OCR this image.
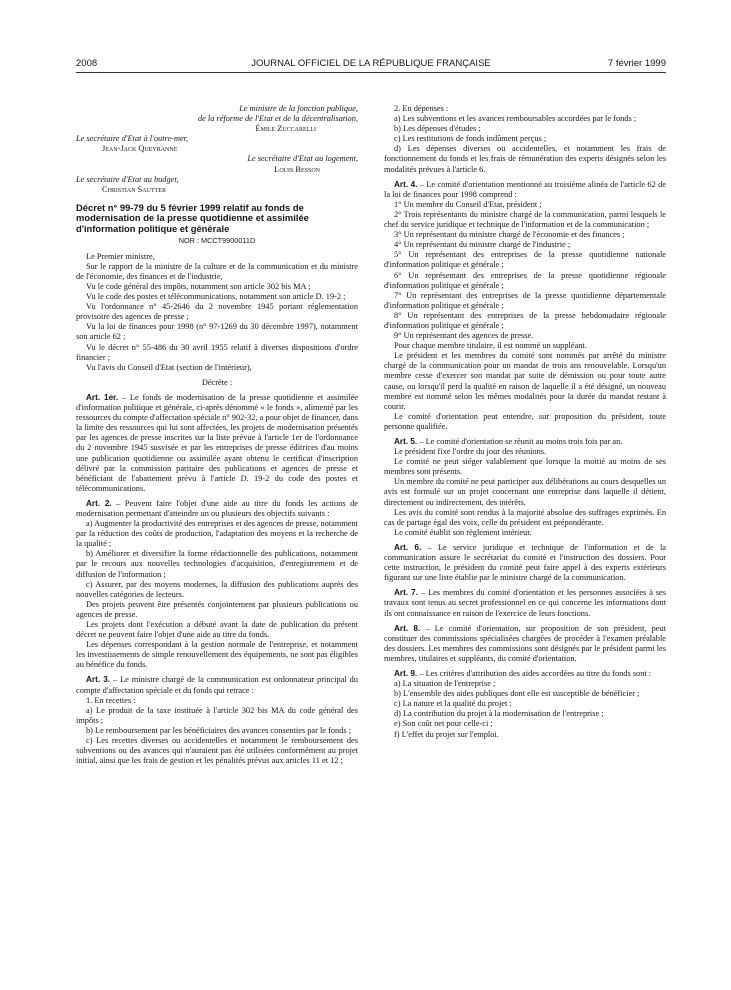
2008	JOURNAL OFFICIEL DE LA RÉPUBLIQUE FRANÇAISE	7 février 1999

Le ministre de la fonction publique,

de la réforme de l'Etat et de la décentralisation,

Émile Zuccarelli

Le secrétaire d'Etat à l'outre-mer,

Jean-Jack Queyranne

Le secrétaire d'Etat au logement,

Louis Besson

Le secrétaire d'Etat au budget,

Christian Sautter

Décret n° 99-79 du 5 février 1999 relatif au fonds de modernisation de la presse quotidienne et assimilée d'information politique et générale

NOR : MCCT9900011D

Le Premier ministre,

Sur le rapport de la ministre de la culture et de la communication et du ministre de l'économie, des finances et de l'industrie,

Vu le code général des impôts, notamment son article 302 bis MA ;

Vu le code des postes et télécommunications, notamment son article D. 19-2 ;

Vu l'ordonnance n° 45-2646 du 2 novembre 1945 portant réglementation provisoire des agences de presse ;

Vu la loi de finances pour 1998 (n° 97-1269 du 30 décembre 1997), notamment son article 62 ;

Vu le décret n° 55-486 du 30 avril 1955 relatif à diverses dispositions d'ordre financier ;

Vu l'avis du Conseil d'Etat (section de l'intérieur),

Décrète :

Art. 1er. – Le fonds de modernisation de la presse quotidienne et assimilée d'information politique et générale, ci-après dénommé « le fonds », alimenté par les ressources du compte d'affectation spéciale n° 902-32, a pour objet de financer, dans la limite des ressources qui lui sont affectées, les projets de modernisation présentés par les agences de presse inscrites sur la liste prévue à l'article 1er de l'ordonnance du 2 novembre 1945 susvisée et par les entreprises de presse éditrices d'au moins une publication quotidienne ou assimilée ayant obtenu le certificat d'inscription délivré par la commission paritaire des publications et agences de presse et bénéficiant de l'abattement prévu à l'article D. 19-2 du code des postes et télécommunications.

Art. 2. – Peuvent faire l'objet d'une aide au titre du fonds les actions de modernisation permettant d'atteindre un ou plusieurs des objectifs suivants :

a) Augmenter la productivité des entreprises et des agences de presse, notamment par la réduction des coûts de production, l'adaptation des moyens et la recherche de la qualité ;

b) Améliorer et diversifier la forme rédactionnelle des publications, notamment par le recours aux nouvelles technologies d'acquisition, d'enregistrement et de diffusion de l'information ;

c) Assurer, par des moyens modernes, la diffusion des publications auprès des nouvelles catégories de lecteurs.

Des projets peuvent être présentés conjointement par plusieurs publications ou agences de presse.

Les projets dont l'exécution a débuté avant la date de publication du présent décret ne peuvent faire l'objet d'une aide au titre du fonds.

Les dépenses correspondant à la gestion normale de l'entreprise, et notamment les investissements de simple renouvellement des équipements, ne sont pas éligibles au bénéfice du fonds.

Art. 3. – Le ministre chargé de la communication est ordonnateur principal du compte d'affectation spéciale et du fonds qui retrace :

1. En recettes :

a) Le produit de la taxe instituée à l'article 302 bis MA du code général des impôts ;

b) Le remboursement par les bénéficiaires des avances consenties par le fonds ;

c) Les recettes diverses ou accidentelles et notamment le remboursement des subventions ou des avances qui n'auraient pas été utilisées conformément au projet initial, ainsi que les frais de gestion et les pénalités prévus aux articles 11 et 12 ;

2. En dépenses :

a) Les subventions et les avances remboursables accordées par le fonds ;

b) Les dépenses d'études ;

c) Les restitutions de fonds indûment perçus ;

d) Les dépenses diverses ou accidentelles, et notamment les frais de fonctionnement du fonds et les frais de rémunération des experts désignés selon les modalités prévues à l'article 6.

Art. 4. – Le comité d'orientation mentionné au troisième alinéa de l'article 62 de la loi de finances pour 1998 comprend :

1° Un membre du Conseil d'Etat, président ;

2° Trois représentants du ministre chargé de la communication, parmi lesquels le chef du service juridique et technique de l'information et de la communication ;

3° Un représentant du ministre chargé de l'économie et des finances ;

4° Un représentant du ministre chargé de l'industrie ;

5° Un représentant des entreprises de la presse quotidienne nationale d'information politique et générale ;

6° Un représentant des entreprises de la presse quotidienne régionale d'information politique et générale ;

7° Un représentant des entreprises de la presse quotidienne départementale d'information politique et générale ;

8° Un représentant des entreprises de la presse hebdomadaire régionale d'information politique et générale ;

9° Un représentant des agences de presse.

Pour chaque membre titulaire, il est nommé un suppléant.

Le président et les membres du comité sont nommés par arrêté du ministre chargé de la communication pour un mandat de trois ans renouvelable. Lorsqu'un membre cesse d'exercer son mandat par suite de démission ou pour toute autre cause, ou lorsqu'il perd la qualité en raison de laquelle il a été désigné, un nouveau membre est nommé selon les mêmes modalités pour la durée du mandat restant à courir.

Le comité d'orientation peut entendre, sur proposition du président, toute personne qualifiée.

Art. 5. – Le comité d'orientation se réunit au moins trois fois par an.

Le président fixe l'ordre du jour des réunions.

Le comité ne peut siéger valablement que lorsque la moitié au moins de ses membres sont présents.

Un membre du comité ne peut participer aux délibérations au cours desquelles un avis est formulé sur un projet concernant une entreprise dans laquelle il détient, directement ou indirectement, des intérêts.

Les avis du comité sont rendus à la majorité absolue des suffrages exprimés. En cas de partage égal des voix, celle du président est prépondérante.

Le comité établit son règlement intérieur.

Art. 6. – Le service juridique et technique de l'information et de la communication assure le secrétariat du comité et l'instruction des dossiers. Pour cette instruction, le président du comité peut faire appel à des experts extérieurs figurant sur une liste établie par le ministre chargé de la communication.

Art. 7. – Les membres du comité d'orientation et les personnes associées à ses travaux sont tenus au secret professionnel en ce qui concerne les informations dont ils ont connaissance en raison de l'exercice de leurs fonctions.

Art. 8. – Le comité d'orientation, sur proposition de son président, peut constituer des commissions spécialisées chargées de procéder à l'examen préalable des dossiers. Les membres des commissions sont désignés par le président parmi les membres, titulaires et suppléants, du comité d'orientation.

Art. 9. – Les critères d'attribution des aides accordées au titre du fonds sont :

a) La situation de l'entreprise ;

b) L'ensemble des aides publiques dont elle est susceptible de bénéficier ;

c) La nature et la qualité du projet ;

d) La contribution du projet à la modernisation de l'entreprise ;

e) Son coût net pour celle-ci ;

f) L'effet du projet sur l'emploi.
